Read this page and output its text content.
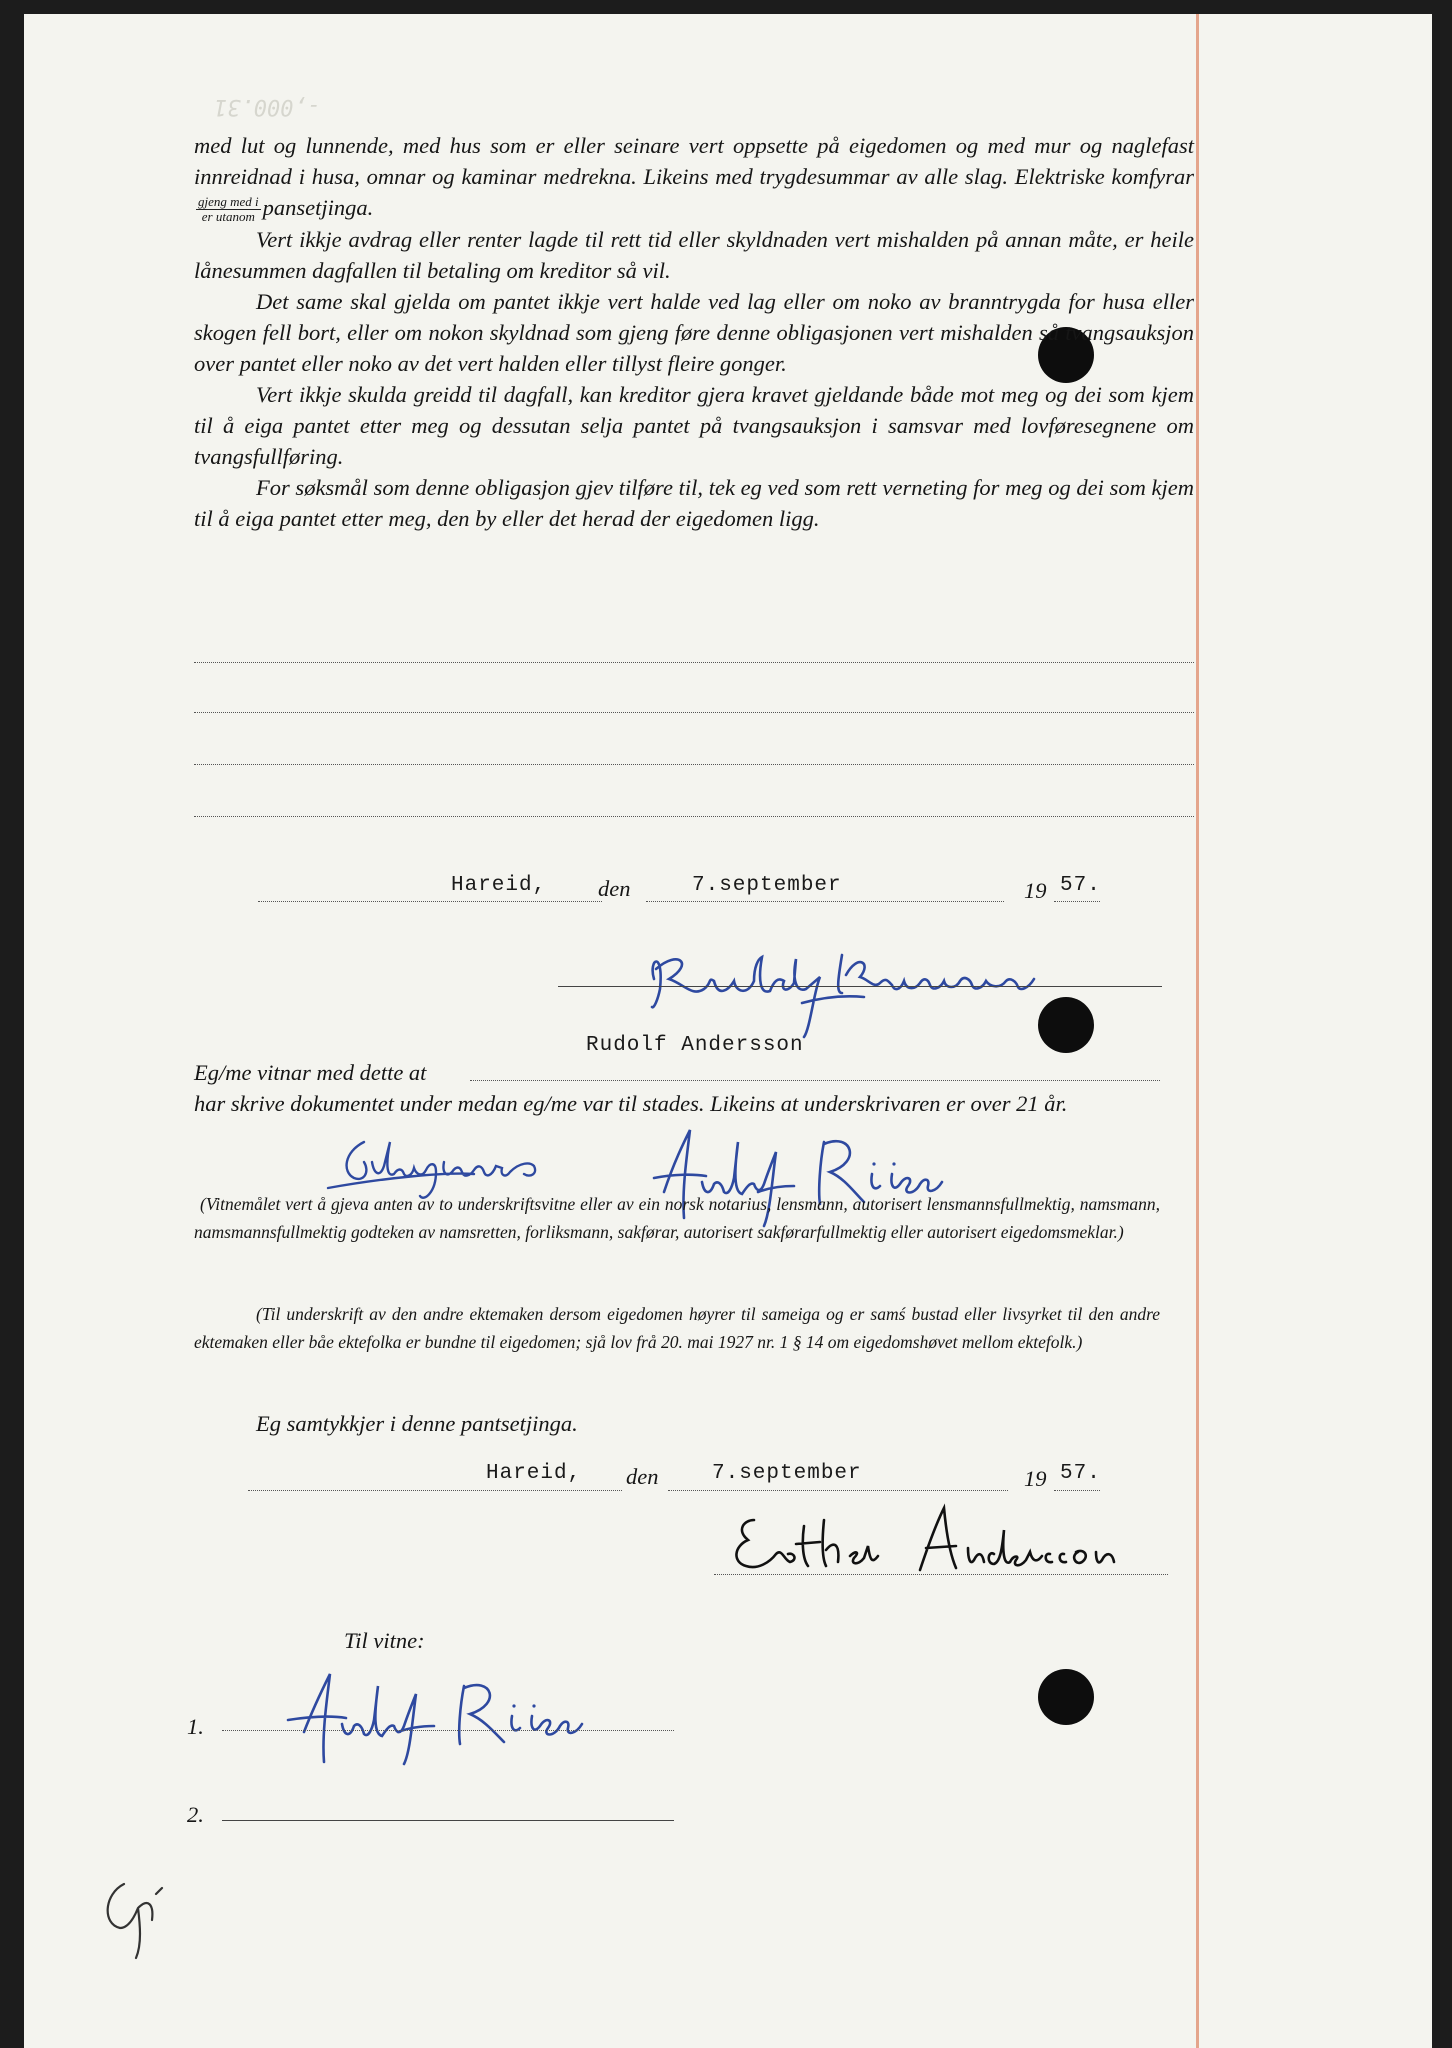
-,000.31

med lut og lunnende, med hus som er eller seinare vert oppsette på eigedomen og med mur og naglefast innreidnad i husa, omnar og kaminar medrekna. Likeins med trygdesummar av alle slag. Elektriske komfyrar
$\frac{\text{gjeng med i}}{\text{er utanom}}$ pansetjinga.

Vert ikkje avdrag eller renter lagde til rett tid eller skyldnaden vert mishalden på annan måte, er heile lånesummen dagfallen til betaling om kreditor så vil.

Det same skal gjelda om pantet ikkje vert halde ved lag eller om noko av branntrygda for husa eller skogen fell bort, eller om nokon skyldnad som gjeng føre denne obligasjonen vert mishalden så tvangsauksjon over pantet eller noko av det vert halden eller tillyst fleire gonger.

Vert ikkje skulda greidd til dagfall, kan kreditor gjera kravet gjeldande både mot meg og dei som kjem til å eiga pantet etter meg og dessutan selja pantet på tvangsauksjon i samsvar med lovføresegnene om tvangsfullføring.

For søksmål som denne obligasjon gjev tilføre til, tek eg ved som rett verneting for meg og dei som kjem til å eiga pantet etter meg, den by eller det herad der eigedomen ligg.

Hareid, den	7.september	19 57.
Rudolf Andersson
Eg/me vitnar med dette at
har skrive dokumentet under medan eg/me var til stades. Likeins at underskrivaren er over 21 år.
(Vitnemålet vert å gjeva anten av to underskriftsvitne eller av ein norsk notarius, lensmann, autorisert lensmannsfullmektig, namsmann, namsmannsfullmektig godteken av namsretten, forliksmann, sakførar, autorisert sakførarfullmektig eller autorisert eigedomsmeklar.)
(Til underskrift av den andre ektemaken dersom eigedomen høyrer til sameiga og er samś bustad eller livsyrket til den andre ektemaken eller båe ektefolka er bundne til eigedomen; sjå lov frå 20. mai 1927 nr. 1 § 14 om eigedomshøvet mellom ektefolk.)
Eg samtykkjer i denne pantsetjinga.
Hareid, den	7.september	19 57.
Til vitne:
1.
2.
